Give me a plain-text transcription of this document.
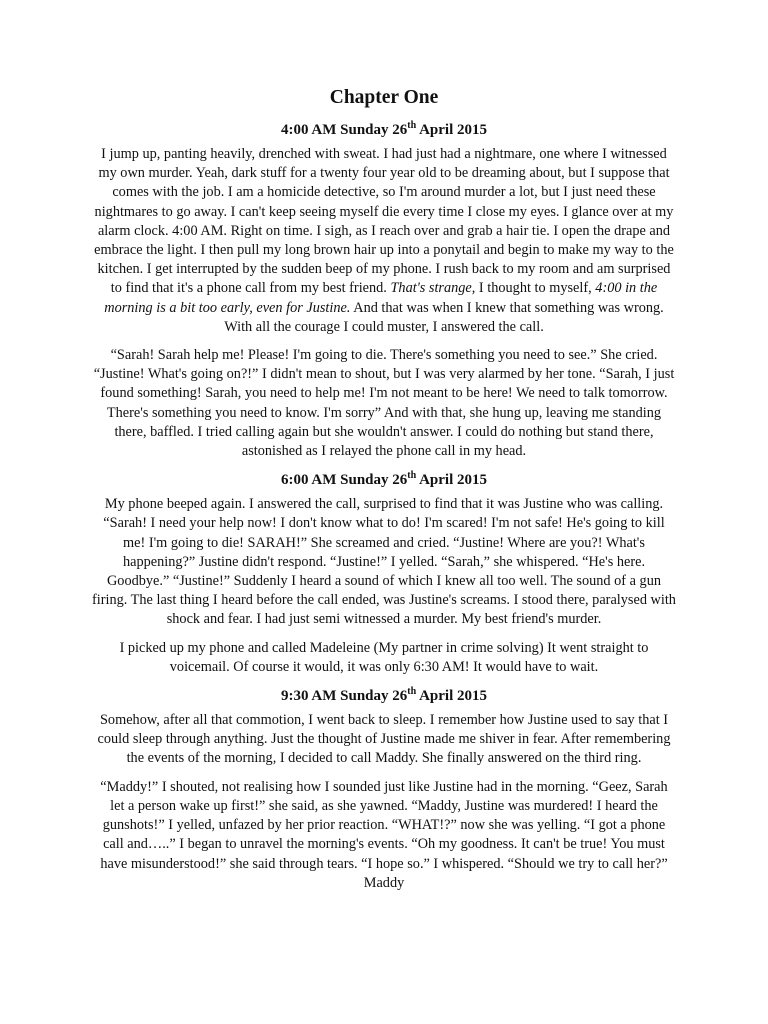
Chapter One
4:00 AM Sunday 26th April 2015

I jump up, panting heavily, drenched with sweat. I had just had a nightmare, one where I witnessed my own murder. Yeah, dark stuff for a twenty four year old to be dreaming about, but I suppose that comes with the job. I am a homicide detective, so I'm around murder a lot, but I just need these nightmares to go away. I can't keep seeing myself die every time I close my eyes. I glance over at my alarm clock. 4:00 AM. Right on time. I sigh, as I reach over and grab a hair tie. I open the drape and embrace the light. I then pull my long brown hair up into a ponytail and begin to make my way to the kitchen. I get interrupted by the sudden beep of my phone. I rush back to my room and am surprised to find that it's a phone call from my best friend. That's strange, I thought to myself, 4:00 in the morning is a bit too early, even for Justine. And that was when I knew that something was wrong. With all the courage I could muster, I answered the call.

“Sarah! Sarah help me! Please! I'm going to die. There's something you need to see.” She cried. “Justine! What's going on?!” I didn't mean to shout, but I was very alarmed by her tone. “Sarah, I just found something! Sarah, you need to help me! I'm not meant to be here! We need to talk tomorrow. There's something you need to know. I'm sorry” And with that, she hung up, leaving me standing there, baffled. I tried calling again but she wouldn't answer. I could do nothing but stand there, astonished as I relayed the phone call in my head.

6:00 AM Sunday 26th April 2015

My phone beeped again. I answered the call, surprised to find that it was Justine who was calling. “Sarah! I need your help now! I don't know what to do! I'm scared! I'm not safe! He's going to kill me! I'm going to die! SARAH!” She screamed and cried. “Justine! Where are you?! What's happening?” Justine didn't respond. “Justine!” I yelled. “Sarah,” she whispered. “He's here. Goodbye.” “Justine!” Suddenly I heard a sound of which I knew all too well. The sound of a gun firing. The last thing I heard before the call ended, was Justine's screams. I stood there, paralysed with shock and fear. I had just semi witnessed a murder. My best friend's murder.

I picked up my phone and called Madeleine (My partner in crime solving) It went straight to voicemail. Of course it would, it was only 6:30 AM! It would have to wait.

9:30 AM Sunday 26th April 2015

Somehow, after all that commotion, I went back to sleep. I remember how Justine used to say that I could sleep through anything. Just the thought of Justine made me shiver in fear. After remembering the events of the morning, I decided to call Maddy. She finally answered on the third ring.

“Maddy!” I shouted, not realising how I sounded just like Justine had in the morning. “Geez, Sarah let a person wake up first!” she said, as she yawned. “Maddy, Justine was murdered! I heard the gunshots!” I yelled, unfazed by her prior reaction. “WHAT!?” now she was yelling. “I got a phone call and…..” I began to unravel the morning's events. “Oh my goodness. It can't be true! You must have misunderstood!” she said through tears. “I hope so.” I whispered. “Should we try to call her?” Maddy
